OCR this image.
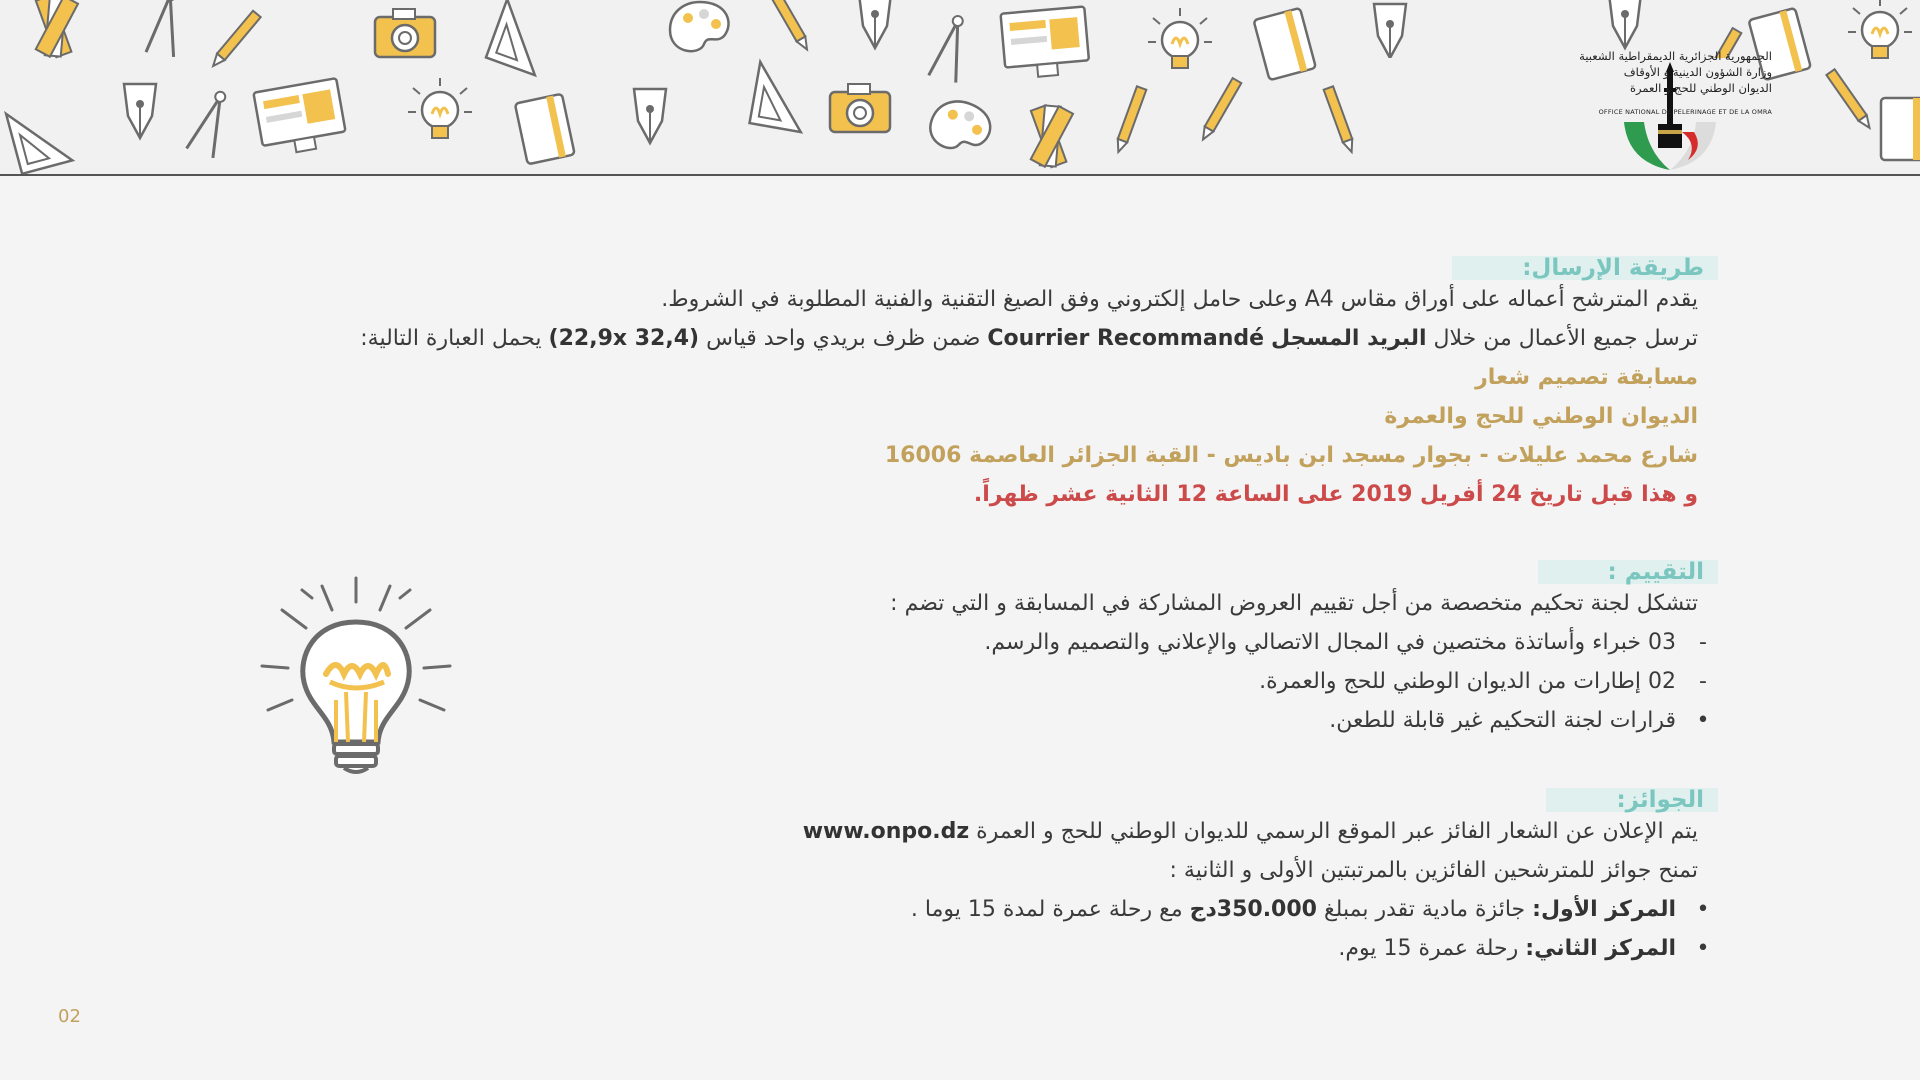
الجمهورية الجزائرية الديمقراطية الشعبية
وزارة الشؤون الدينية و الأوقاف
الديوان الوطني للحج و العمرة
OFFICE NATIONAL DE PELERINAGE ET DE LA OMRA
طريقة الإرسال:
يقدم المترشح أعماله على أوراق مقاس A4 وعلى حامل إلكتروني وفق الصيغ التقنية والفنية المطلوبة في الشروط.
ترسل جميع الأعمال من خلال البريد المسجل Courrier Recommandé ضمن ظرف بريدي واحد قياس (22,9x 32,4) يحمل العبارة التالية:
مسابقة تصميم شعار
الديوان الوطني للحج والعمرة
شارع محمد عليلات - بجوار مسجد ابن باديس - القبة الجزائر العاصمة 16006
و هذا قبل تاريخ 24 أفريل 2019 على الساعة 12 الثانية عشر ظهراً.
التقييم :
تتشكل لجنة تحكيم متخصصة من أجل تقييم العروض المشاركة في المسابقة و التي تضم :
-
03 خبراء وأساتذة مختصين في المجال الاتصالي والإعلاني والتصميم والرسم.
-
02 إطارات من الديوان الوطني للحج والعمرة.
•
قرارات لجنة التحكيم غير قابلة للطعن.
الجوائز:
يتم الإعلان عن الشعار الفائز عبر الموقع الرسمي للديوان الوطني للحج و العمرة www.onpo.dz
تمنح جوائز للمترشحين الفائزين بالمرتبتين الأولى و الثانية :
•
المركز الأول: جائزة مادية تقدر بمبلغ 350.000دج مع رحلة عمرة لمدة 15 يوما .
•
المركز الثاني: رحلة عمرة 15 يوم.
02
